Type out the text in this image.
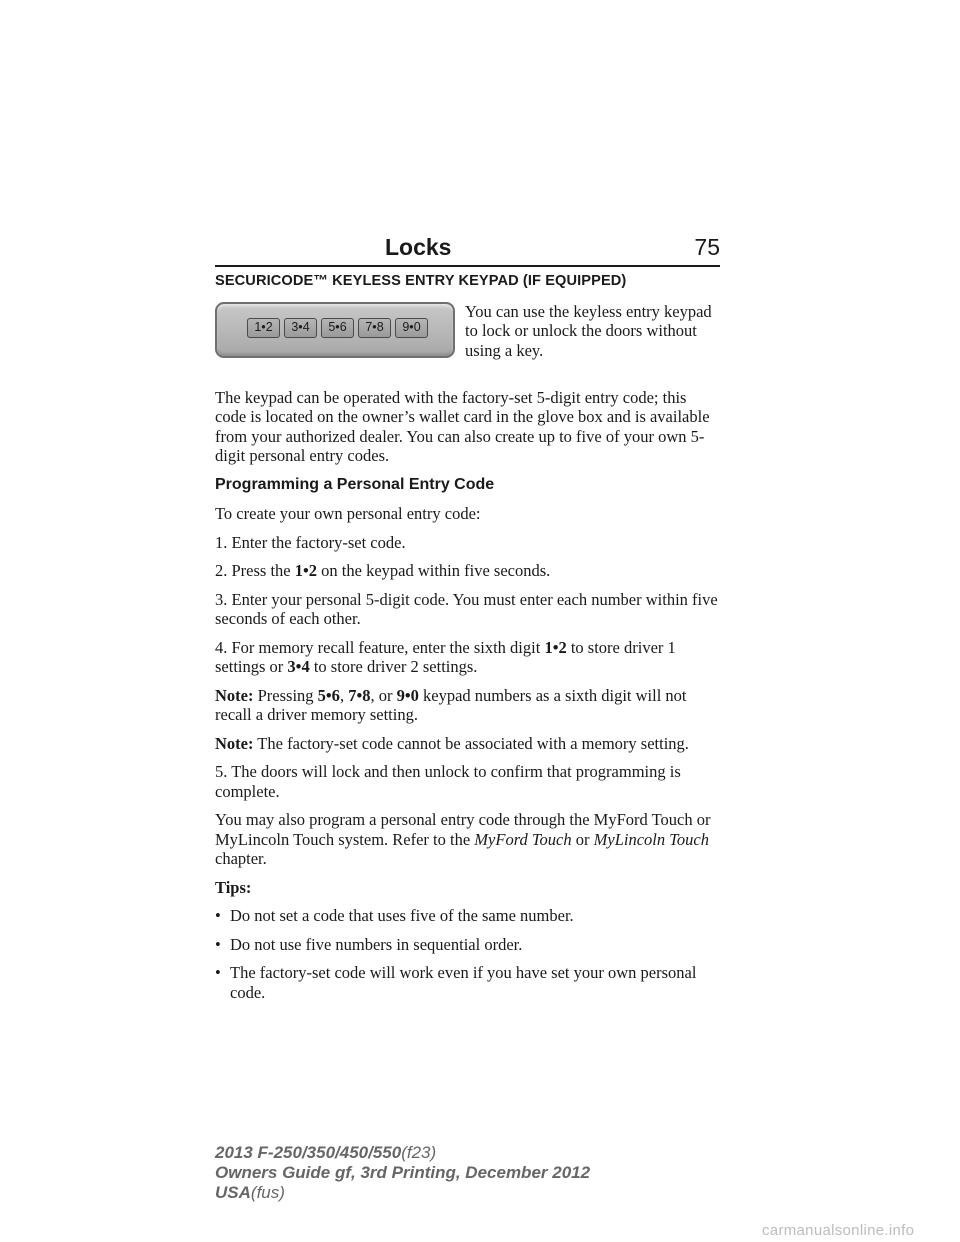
Locks	75
SECURICODE™ KEYLESS ENTRY KEYPAD (IF EQUIPPED)
1•2	3•4	5•6	7•8	9•0
You can use the keyless entry keypad to lock or unlock the doors without using a key.

The keypad can be operated with the factory-set 5-digit entry code; this code is located on the owner’s wallet card in the glove box and is available from your authorized dealer. You can also create up to five of your own 5-digit personal entry codes.

Programming a Personal Entry Code

To create your own personal entry code:

1. Enter the factory-set code.

2. Press the 1•2 on the keypad within five seconds.

3. Enter your personal 5-digit code. You must enter each number within five seconds of each other.

4. For memory recall feature, enter the sixth digit 1•2 to store driver 1 settings or 3•4 to store driver 2 settings.

Note: Pressing 5•6, 7•8, or 9•0 keypad numbers as a sixth digit will not recall a driver memory setting.

Note: The factory-set code cannot be associated with a memory setting.

5. The doors will lock and then unlock to confirm that programming is complete.

You may also program a personal entry code through the MyFord Touch or MyLincoln Touch system. Refer to the MyFord Touch or MyLincoln Touch chapter.

Tips:
• Do not set a code that uses five of the same number.
• Do not use five numbers in sequential order.
• The factory-set code will work even if you have set your own personal code.
2013 F-250/350/450/550(f23)
Owners Guide gf, 3rd Printing, December 2012
USA(fus)
carmanualsonline.info
